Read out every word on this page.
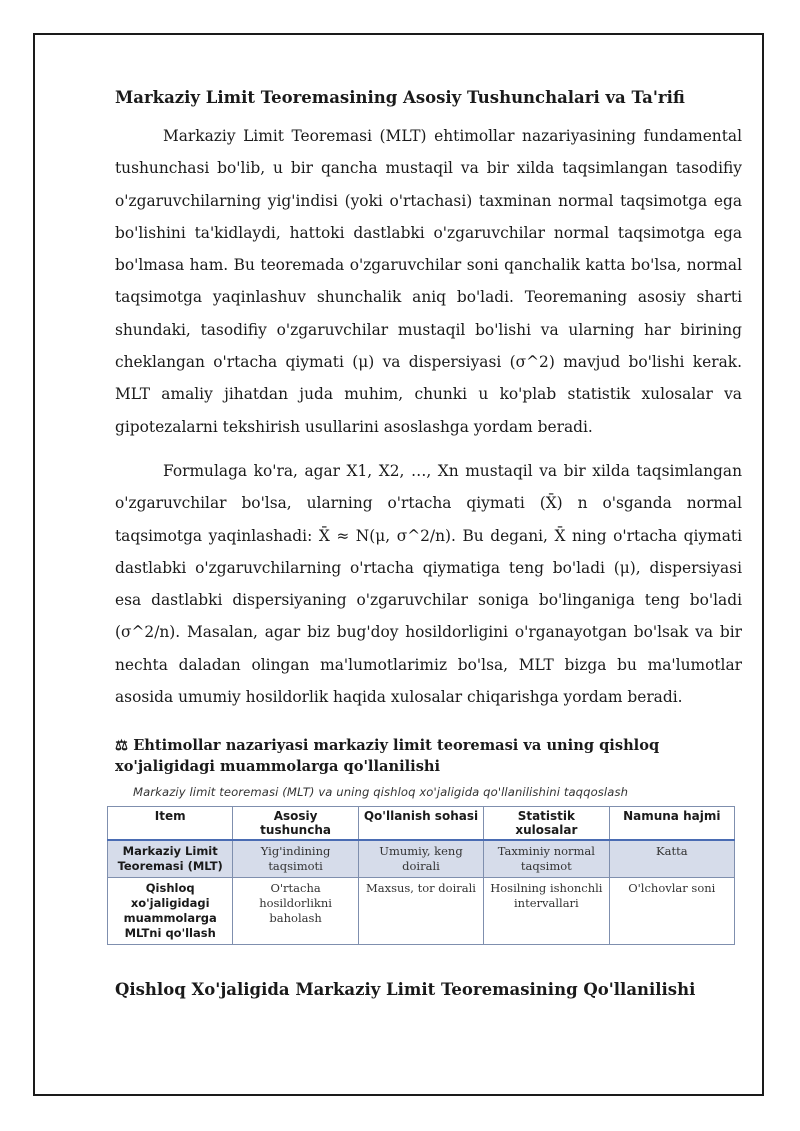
Markaziy Limit Teoremasining Asosiy Tushunchalari va Ta'rifi

Markaziy Limit Teoremasi (MLT) ehtimollar nazariyasining fundamental tushunchasi bo'lib, u bir qancha mustaqil va bir xilda taqsimlangan tasodifiy o'zgaruvchilarning yig'indisi (yoki o'rtachasi) taxminan normal taqsimotga ega bo'lishini ta'kidlaydi, hattoki dastlabki o'zgaruvchilar normal taqsimotga ega bo'lmasa ham. Bu teoremada o'zgaruvchilar soni qanchalik katta bo'lsa, normal taqsimotga yaqinlashuv shunchalik aniq bo'ladi. Teoremaning asosiy sharti shundaki, tasodifiy o'zgaruvchilar mustaqil bo'lishi va ularning har birining cheklangan o'rtacha qiymati (μ) va dispersiyasi (σ^2) mavjud bo'lishi kerak. MLT amaliy jihatdan juda muhim, chunki u ko'plab statistik xulosalar va gipotezalarni tekshirish usullarini asoslashga yordam beradi.

Formulaga ko'ra, agar X1, X2, …, Xn mustaqil va bir xilda taqsimlangan o'zgaruvchilar bo'lsa, ularning o'rtacha qiymati (X̄) n o'sganda normal taqsimotga yaqinlashadi: X̄ ≈ N(μ, σ^2/n). Bu degani, X̄ ning o'rtacha qiymati dastlabki o'zgaruvchilarning o'rtacha qiymatiga teng bo'ladi (μ), dispersiyasi esa dastlabki dispersiyaning o'zgaruvchilar soniga bo'linganiga teng bo'ladi (σ^2/n). Masalan, agar biz bug'doy hosildorligini o'rganayotgan bo'lsak va bir nechta daladan olingan ma'lumotlarimiz bo'lsa, MLT bizga bu ma'lumotlar asosida umumiy hosildorlik haqida xulosalar chiqarishga yordam beradi.

⚖ Ehtimollar nazariyasi markaziy limit teoremasi va uning qishloq xo'jaligidagi muammolarga qo'llanilishi
Markaziy limit teoremasi (MLT) va uning qishloq xo'jaligida qo'llanilishini taqqoslash
Item	Asosiy tushuncha	Qo'llanish sohasi	Statistik xulosalar	Namuna hajmi
Markaziy Limit Teoremasi (MLT)	Yig'indining taqsimoti	Umumiy, keng doirali	Taxminiy normal taqsimot	Katta
Qishloq xo'jaligidagi muammolarga MLTni qo'llash	O'rtacha hosildorlikni baholash	Maxsus, tor doirali	Hosilning ishonchli intervallari	O'lchovlar soni
Qishloq Xo'jaligida Markaziy Limit Teoremasining Qo'llanilishi
